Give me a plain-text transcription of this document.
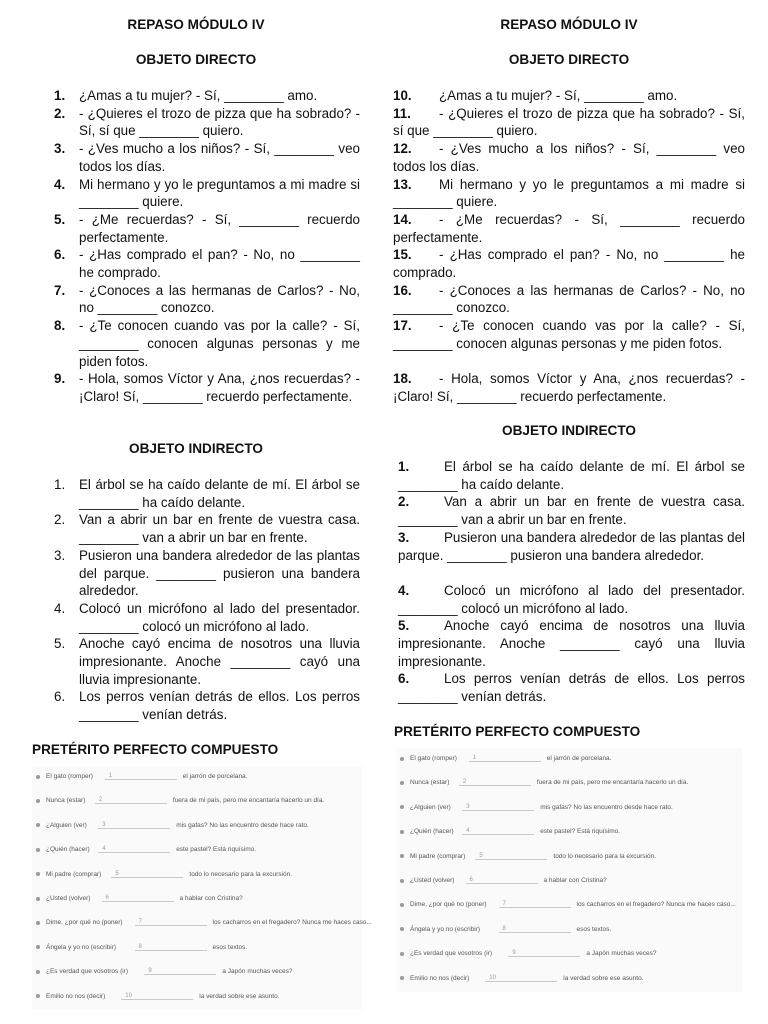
REPASO MÓDULO IV
OBJETO DIRECTO
1.	¿Amas a tu mujer? - Sí, ________ amo.
2.	- ¿Quieres el trozo de pizza que ha sobrado? - Sí, sí que ________ quiero.
3.	- ¿Ves mucho a los niños? - Sí, ________ veo todos los días.
4.	Mi hermano y yo le preguntamos a mi madre si ________ quiere.
5.	- ¿Me recuerdas? - Sí, ________ recuerdo perfectamente.
6.	- ¿Has comprado el pan? - No, no ________ he comprado.
7.	- ¿Conoces a las hermanas de Carlos? - No, no ________ conozco.
8.	- ¿Te conocen cuando vas por la calle? - Sí, ________ conocen algunas personas y me piden fotos.
9.	- Hola, somos Víctor y Ana, ¿nos recuerdas? - ¡Claro! Sí, ________ recuerdo perfectamente.
OBJETO INDIRECTO
1.	El árbol se ha caído delante de mí. El árbol se ________ ha caído delante.
2.	Van a abrir un bar en frente de vuestra casa. ________ van a abrir un bar en frente.
3.	Pusieron una bandera alrededor de las plantas del parque. ________ pusieron una bandera alrededor.
4.	Colocó un micrófono al lado del presentador. ________ colocó un micrófono al lado.
5.	Anoche cayó encima de nosotros una lluvia impresionante. Anoche ________ cayó una lluvia impresionante.
6.	Los perros venían detrás de ellos. Los perros ________ venían detrás.
PRETÉRITO PERFECTO COMPUESTO
El gato (romper)	1	el jarrón de porcelana.
Nunca (estar) 2	fuera de mi país, pero me encantaría hacerlo un día.
¿Alguien (ver)	3	mis gafas? No las encuentro desde hace rato.
¿Quién (hacer) 4	este pastel? Está riquísimo.
Mi padre (comprar) 5	todo lo necesario para la excursión.
¿Usted (volver)	6	a hablar con Cristina?
Dime, ¿por qué no (poner)	7	los cacharros en el fregadero? Nunca me haces caso...
Ángela y yo no (escribir)	8	esos textos.
¿Es verdad que vosotros (ir)	9	a Japón muchas veces?
Emilio no nos (decir)	10	la verdad sobre ese asunto.
REPASO MÓDULO IV
OBJETO DIRECTO
10.	¿Amas a tu mujer? - Sí, ________ amo.
11.	- ¿Quieres el trozo de pizza que ha sobrado? - Sí, sí que ________ quiero.
12.	- ¿Ves mucho a los niños? - Sí, ________ veo todos los días.
13.	Mi hermano y yo le preguntamos a mi madre si ________ quiere.
14.	- ¿Me recuerdas? - Sí, ________ recuerdo perfectamente.
15.	- ¿Has comprado el pan? - No, no ________ he comprado.
16.	- ¿Conoces a las hermanas de Carlos? - No, no ________ conozco.
17.	- ¿Te conocen cuando vas por la calle? - Sí, ________ conocen algunas personas y me piden fotos.
18.	- Hola, somos Víctor y Ana, ¿nos recuerdas? - ¡Claro! Sí, ________ recuerdo perfectamente.
OBJETO INDIRECTO
1.	El árbol se ha caído delante de mí. El árbol se ________ ha caído delante.
2.	Van a abrir un bar en frente de vuestra casa. ________ van a abrir un bar en frente.
3.	Pusieron una bandera alrededor de las plantas del parque. ________ pusieron una bandera alrededor.
4.	Colocó un micrófono al lado del presentador. ________ colocó un micrófono al lado.
5.	Anoche cayó encima de nosotros una lluvia impresionante. Anoche ________ cayó una lluvia impresionante.
6.	Los perros venían detrás de ellos. Los perros ________ venían detrás.
PRETÉRITO PERFECTO COMPUESTO
El gato (romper)	1	el jarrón de porcelana.
Nunca (estar) 2	fuera de mi país, pero me encantaría hacerlo un día.
¿Alguien (ver)	3	mis gafas? No las encuentro desde hace rato.
¿Quién (hacer) 4	este pastel? Está riquísimo.
Mi padre (comprar) 5	todo lo necesario para la excursión.
¿Usted (volver)	6	a hablar con Cristina?
Dime, ¿por qué no (poner)	7	los cacharros en el fregadero? Nunca me haces caso...
Ángela y yo no (escribir)	8	esos textos.
¿Es verdad que vosotros (ir)	9	a Japón muchas veces?
Emilio no nos (decir)	10	la verdad sobre ese asunto.
